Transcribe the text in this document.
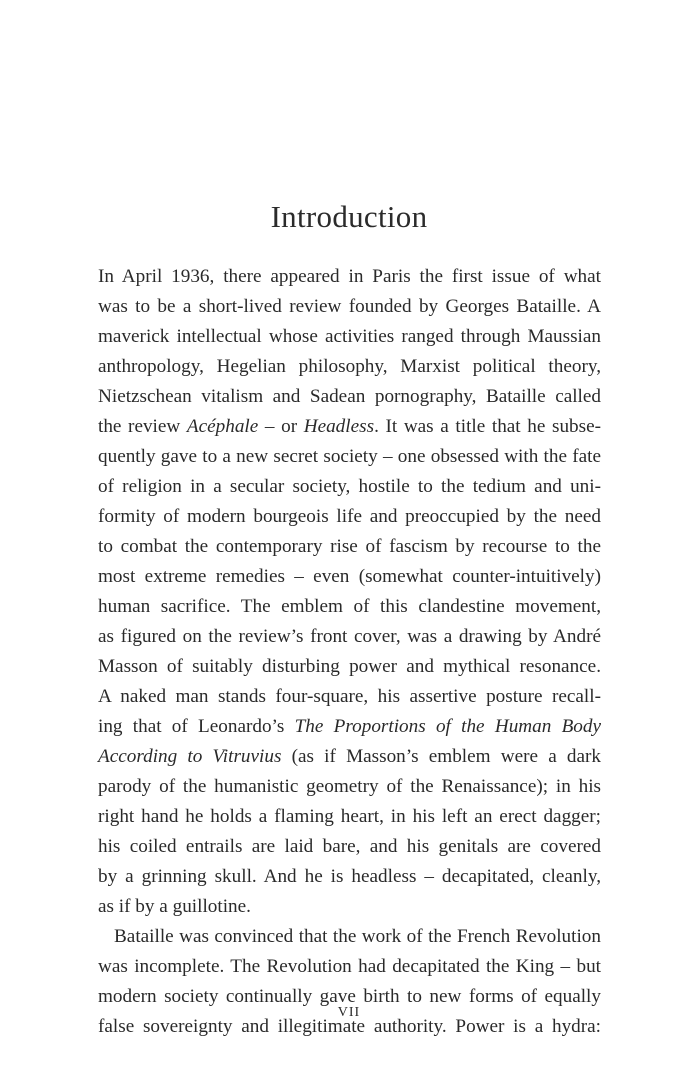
Introduction
In April 1936, there appeared in Paris the first issue of what
was to be a short-lived review founded by Georges Bataille. A
maverick intellectual whose activities ranged through Maussian
anthropology, Hegelian philosophy, Marxist political theory,
Nietzschean vitalism and Sadean pornography, Bataille called
the review Acéphale – or Headless. It was a title that he subse-
quently gave to a new secret society – one obsessed with the fate
of religion in a secular society, hostile to the tedium and uni-
formity of modern bourgeois life and preoccupied by the need
to combat the contemporary rise of fascism by recourse to the
most extreme remedies – even (somewhat counter-intuitively)
human sacrifice. The emblem of this clandestine movement,
as figured on the review’s front cover, was a drawing by André
Masson of suitably disturbing power and mythical resonance.
A naked man stands four-square, his assertive posture recall-
ing that of Leonardo’s The Proportions of the Human Body
According to Vitruvius (as if Masson’s emblem were a dark
parody of the humanistic geometry of the Renaissance); in his
right hand he holds a flaming heart, in his left an erect dagger;
his coiled entrails are laid bare, and his genitals are covered
by a grinning skull. And he is headless – decapitated, cleanly,
as if by a guillotine.
Bataille was convinced that the work of the French Revolution
was incomplete. The Revolution had decapitated the King – but
modern society continually gave birth to new forms of equally
false sovereignty and illegitimate authority. Power is a hydra:
VII
